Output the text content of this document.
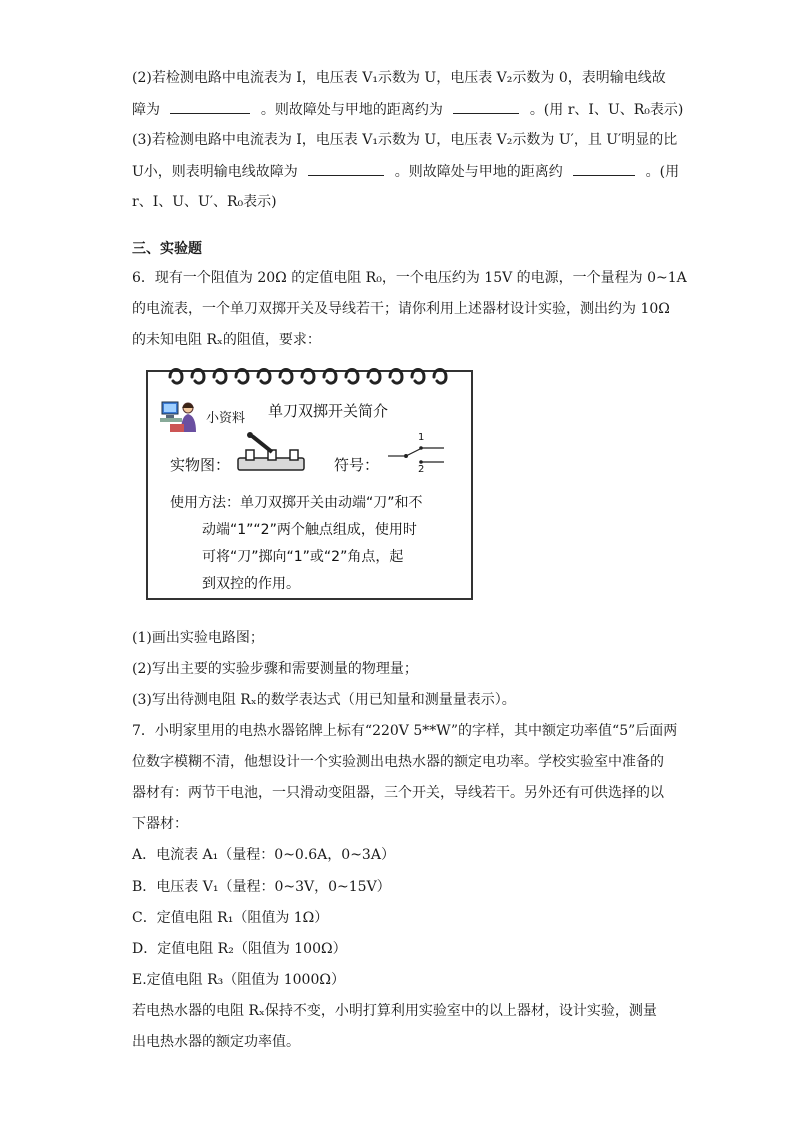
(2)若检测电路中电流表为 I，电压表 V₁示数为 U，电压表 V₂示数为 0，表明输电线故
障为	。则故障处与甲地的距离约为	。(用 r、I、U、R₀表示)
(3)若检测电路中电流表为 I，电压表 V₁示数为 U，电压表 V₂示数为 U′，且 U′明显的比
U小，则表明输电线故障为	。则故障处与甲地的距离约	。(用
r、I、U、U′、R₀表示)
三、实验题
6．现有一个阻值为 20Ω 的定值电阻 R₀，一个电压约为 15V 的电源，一个量程为 0~1A
的电流表，一个单刀双掷开关及导线若干；请你利用上述器材设计实验，测出约为 10Ω
的未知电阻 Rₓ的阻值，要求：
小资料 单刀双掷开关简介
实物图：	符号：
1
2
使用方法：单刀双掷开关由动端“刀”和不
动端“1”“2”两个触点组成，使用时
可将“刀”掷向“1”或“2”角点，起
到双控的作用。
(1)画出实验电路图；
(2)写出主要的实验步骤和需要测量的物理量；
(3)写出待测电阻 Rₓ的数学表达式（用已知量和测量量表示）。
7．小明家里用的电热水器铭牌上标有“220V 5**W”的字样，其中额定功率值“5”后面两
位数字模糊不清，他想设计一个实验测出电热水器的额定电功率。学校实验室中准备的
器材有：两节干电池，一只滑动变阻器，三个开关，导线若干。另外还有可供选择的以
下器材：
A．电流表 A₁（量程：0~0.6A，0~3A）
B．电压表 V₁（量程：0~3V，0~15V）
C．定值电阻 R₁（阻值为 1Ω）
D．定值电阻 R₂（阻值为 100Ω）
E.定值电阻 R₃（阻值为 1000Ω）
若电热水器的电阻 Rₓ保持不变，小明打算利用实验室中的以上器材，设计实验，测量
出电热水器的额定功率值。
